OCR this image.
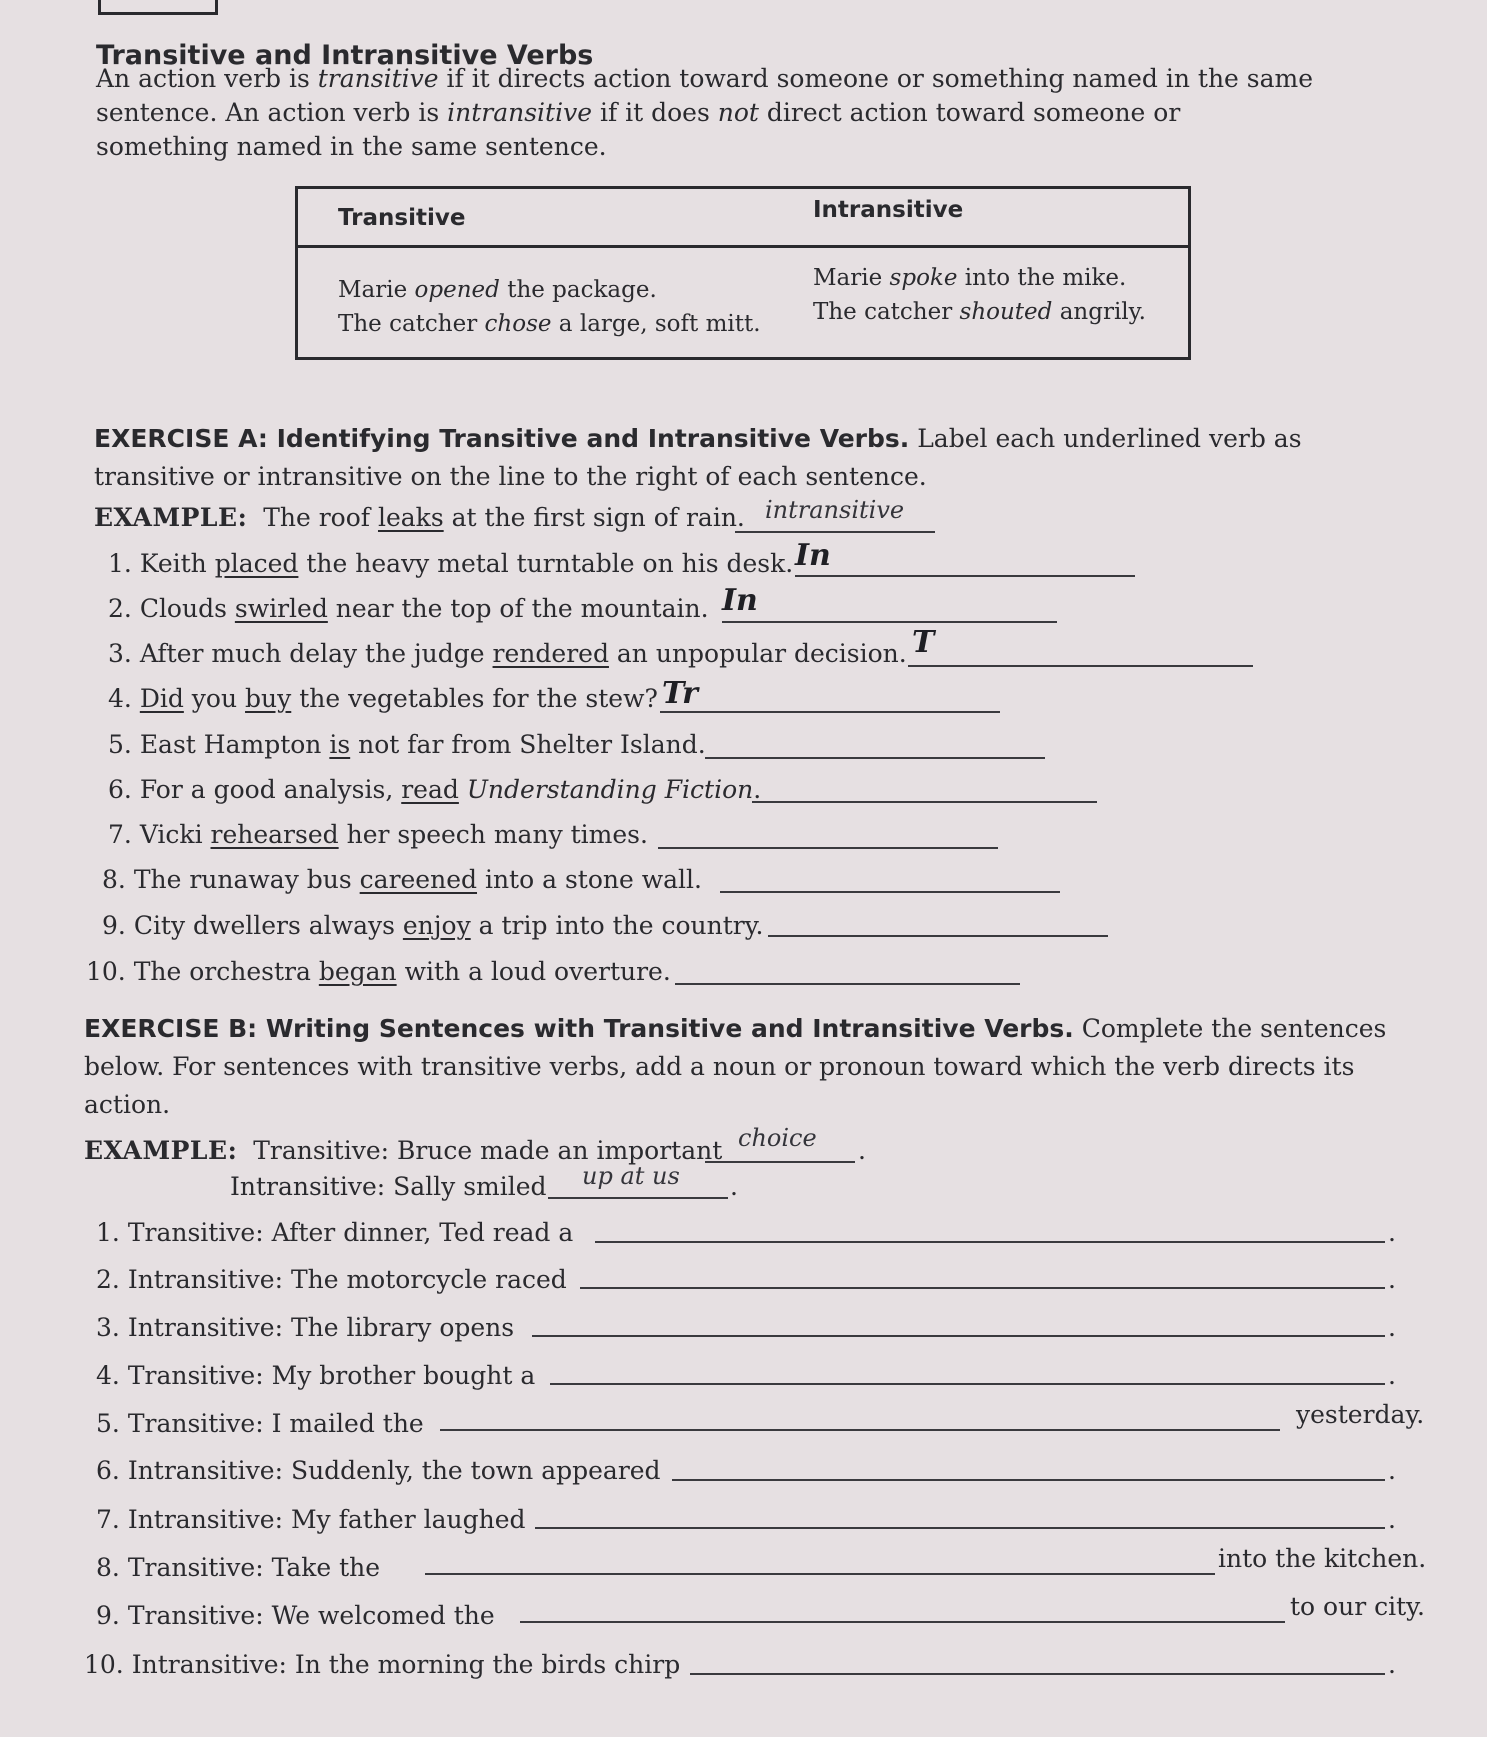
Transitive and Intransitive Verbs
An action verb is transitive if it directs action toward someone or something named in the same sentence. An action verb is intransitive if it does not direct action toward someone or something named in the same sentence.
Transitive	Intransitive
Marie opened the package.
The catcher chose a large, soft mitt.
Marie spoke into the mike.
The catcher shouted angrily.
EXERCISE A: Identifying Transitive and Intransitive Verbs. Label each underlined verb as transitive or intransitive on the line to the right of each sentence.
EXAMPLE: The roof leaks at the first sign of rain. intransitive
1. Keith placed the heavy metal turntable on his desk. In
2. Clouds swirled near the top of the mountain. In
3. After much delay the judge rendered an unpopular decision. T
4. Did you buy the vegetables for the stew? Tr
5. East Hampton is not far from Shelter Island.
6. For a good analysis, read Understanding Fiction.
7. Vicki rehearsed her speech many times.
8. The runaway bus careened into a stone wall.
9. City dwellers always enjoy a trip into the country.
10. The orchestra began with a loud overture.
EXERCISE B: Writing Sentences with Transitive and Intransitive Verbs. Complete the sentences below. For sentences with transitive verbs, add a noun or pronoun toward which the verb directs its action.
EXAMPLE: Transitive: Bruce made an important choice .
Intransitive: Sally smiled up at us .
1. Transitive: After dinner, Ted read a	.
2. Intransitive: The motorcycle raced	.
3. Intransitive: The library opens	.
4. Transitive: My brother bought a	.
5. Transitive: I mailed the	yesterday.
6. Intransitive: Suddenly, the town appeared	.
7. Intransitive: My father laughed	.
8. Transitive: Take the	into the kitchen.
9. Transitive: We welcomed the	to our city.
10. Intransitive: In the morning the birds chirp	.
